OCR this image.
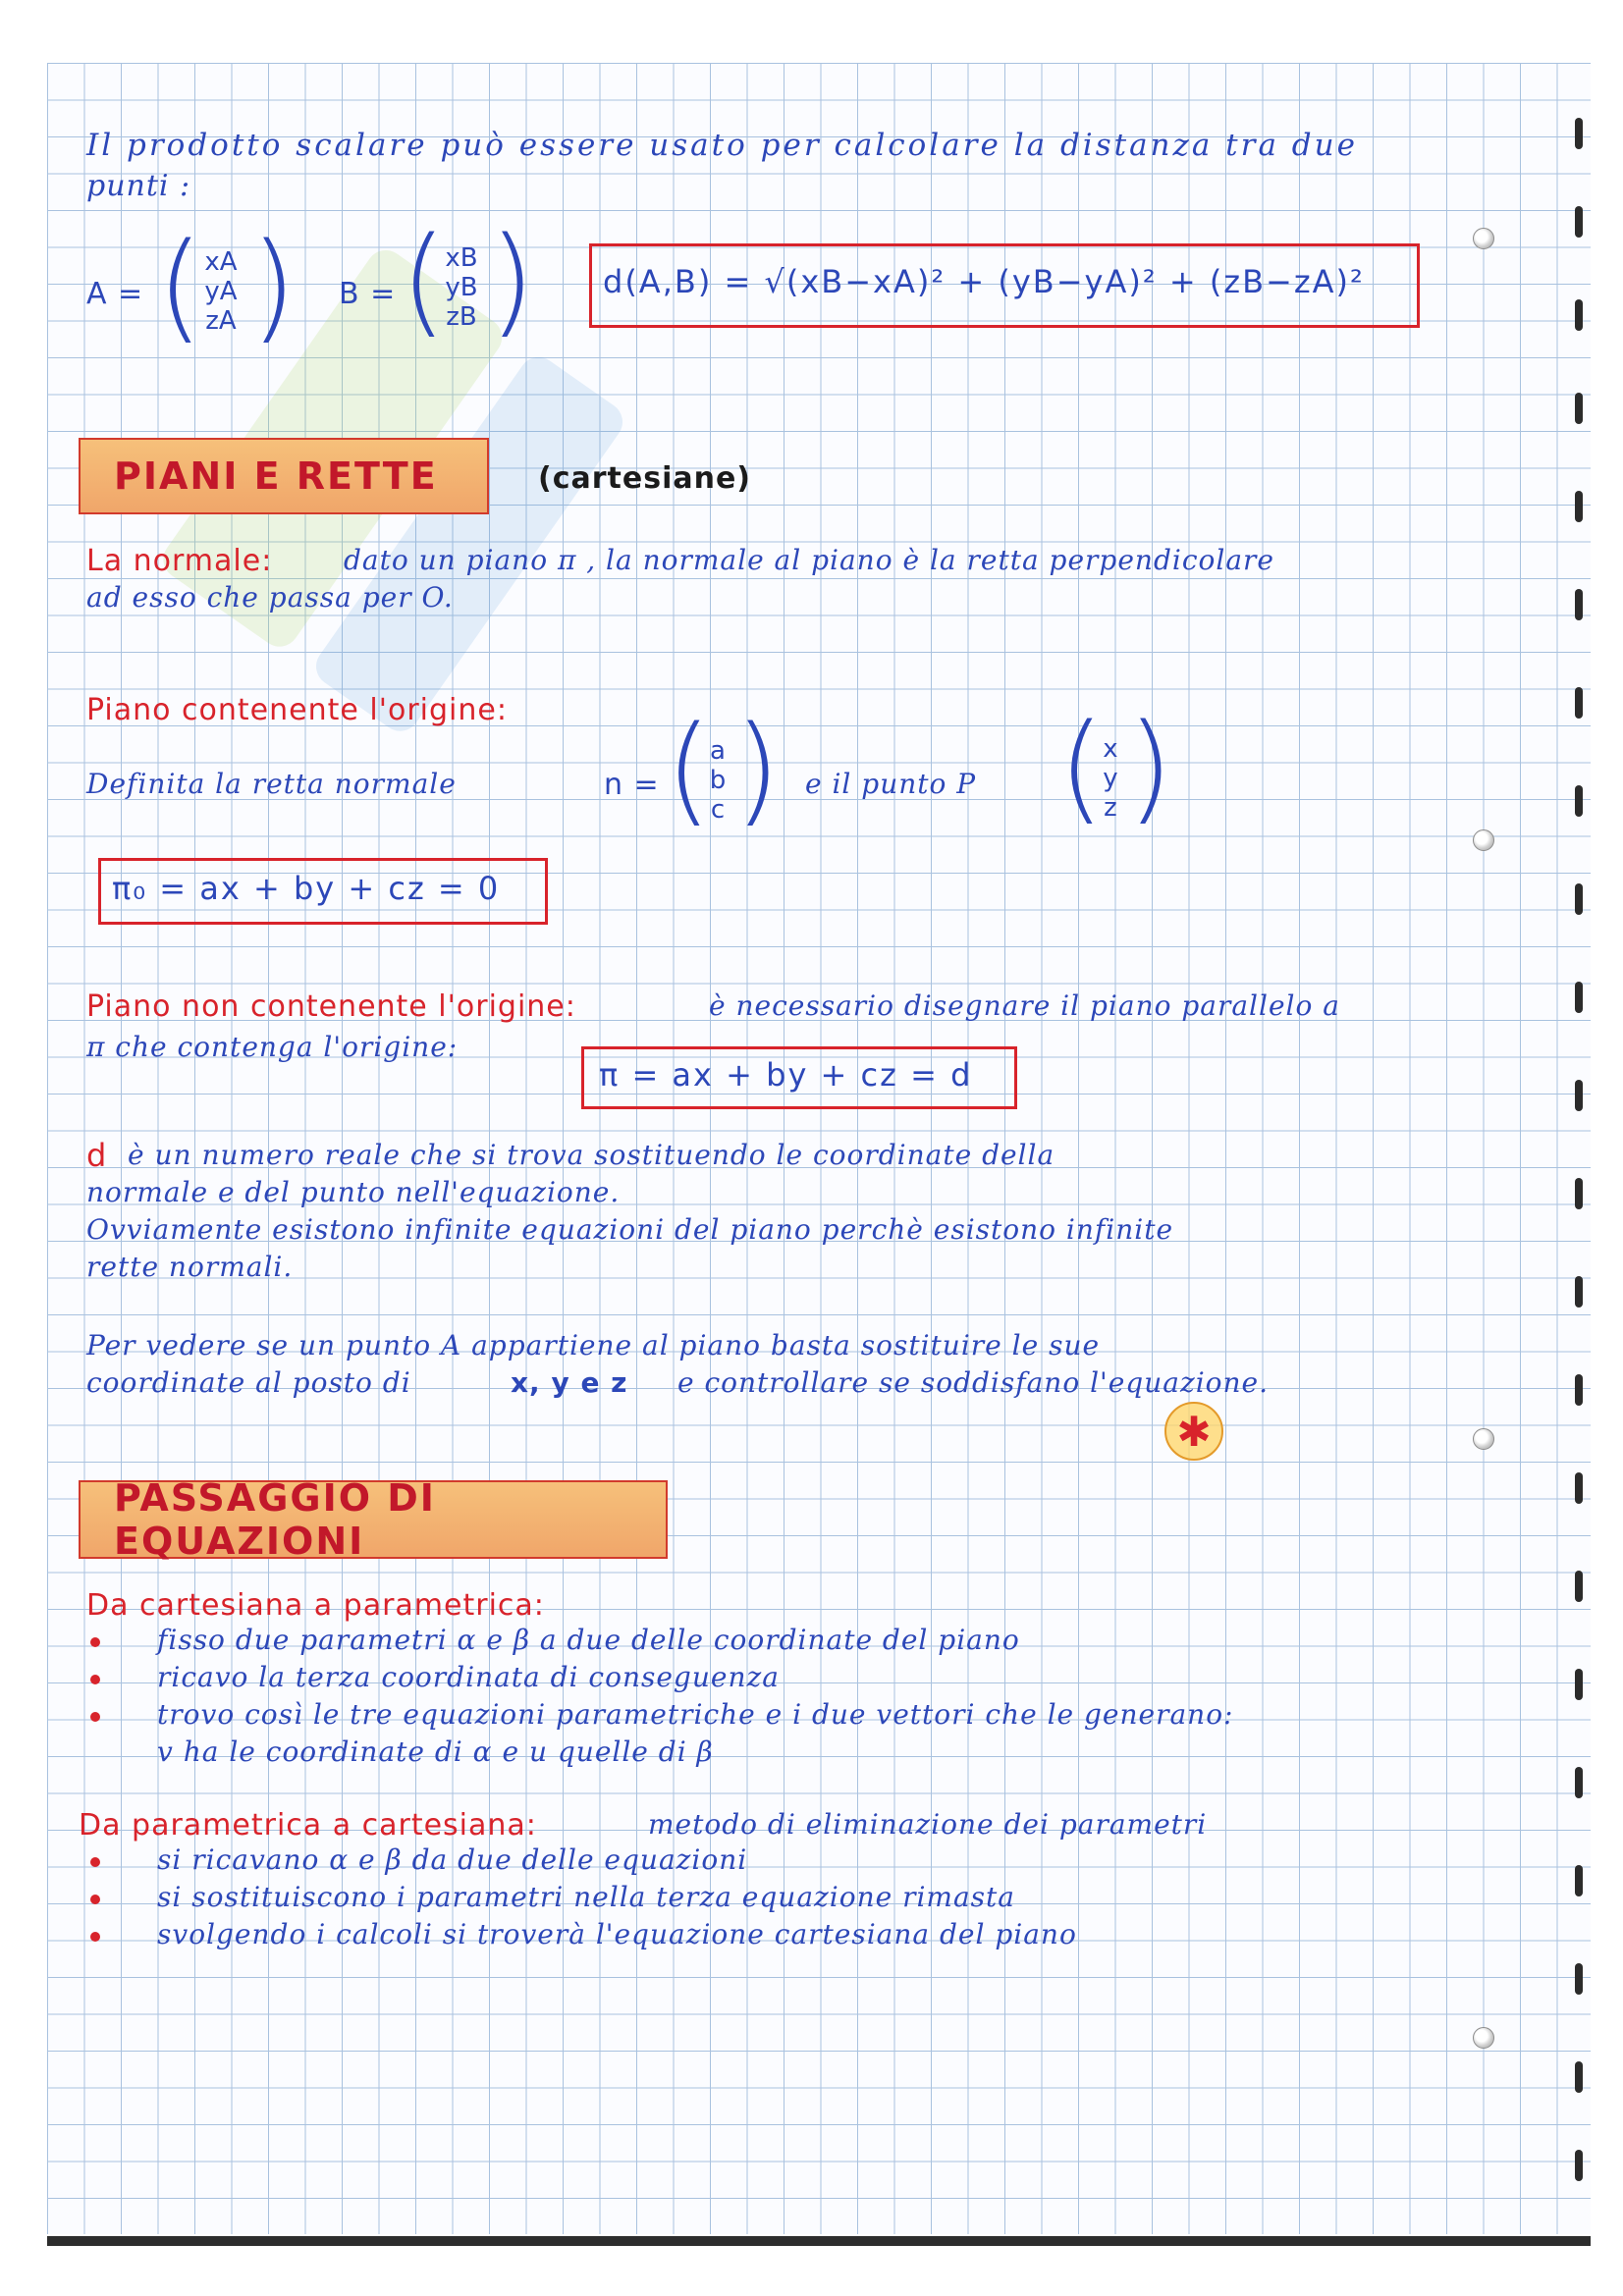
Il prodotto scalare può essere usato per calcolare la distanza tra due
punti :
A = ( xA
yA
zA ) B = (
xB
yB
zB ) d(A,B) = √(xB−xA)² + (yB−yA)² + (zB−zA)²
PIANI E RETTE	(cartesiane)
La normale:	dato un piano π , la normale al piano è la retta perpendicolare
ad esso che passa per O.
Piano contenente l'origine:
Definita la retta normale	n = (
a
b
c ) e il punto P (
x
y
z )
π₀ = ax + by + cz = 0
Piano non contenente l'origine:	è necessario disegnare il piano parallelo a
π che contenga l'origine:
π = ax + by + cz = d
d è un numero reale che si trova sostituendo le coordinate della
normale e del punto nell'equazione.
Ovviamente esistono infinite equazioni del piano perchè esistono infinite
rette normali.
Per vedere se un punto A appartiene al piano basta sostituire le sue
coordinate al posto di	x, y e z e controllare se soddisfano l'equazione.
✱
PASSAGGIO DI EQUAZIONI
Da cartesiana a parametrica:
fisso due parametri α e β a due delle coordinate del piano
ricavo la terza coordinata di conseguenza
trovo così le tre equazioni parametriche e i due vettori che le generano:
v ha le coordinate di α e u quelle di β
Da parametrica a cartesiana:	metodo di eliminazione dei parametri
si ricavano α e β da due delle equazioni
si sostituiscono i parametri nella terza equazione rimasta
svolgendo i calcoli si troverà l'equazione cartesiana del piano
